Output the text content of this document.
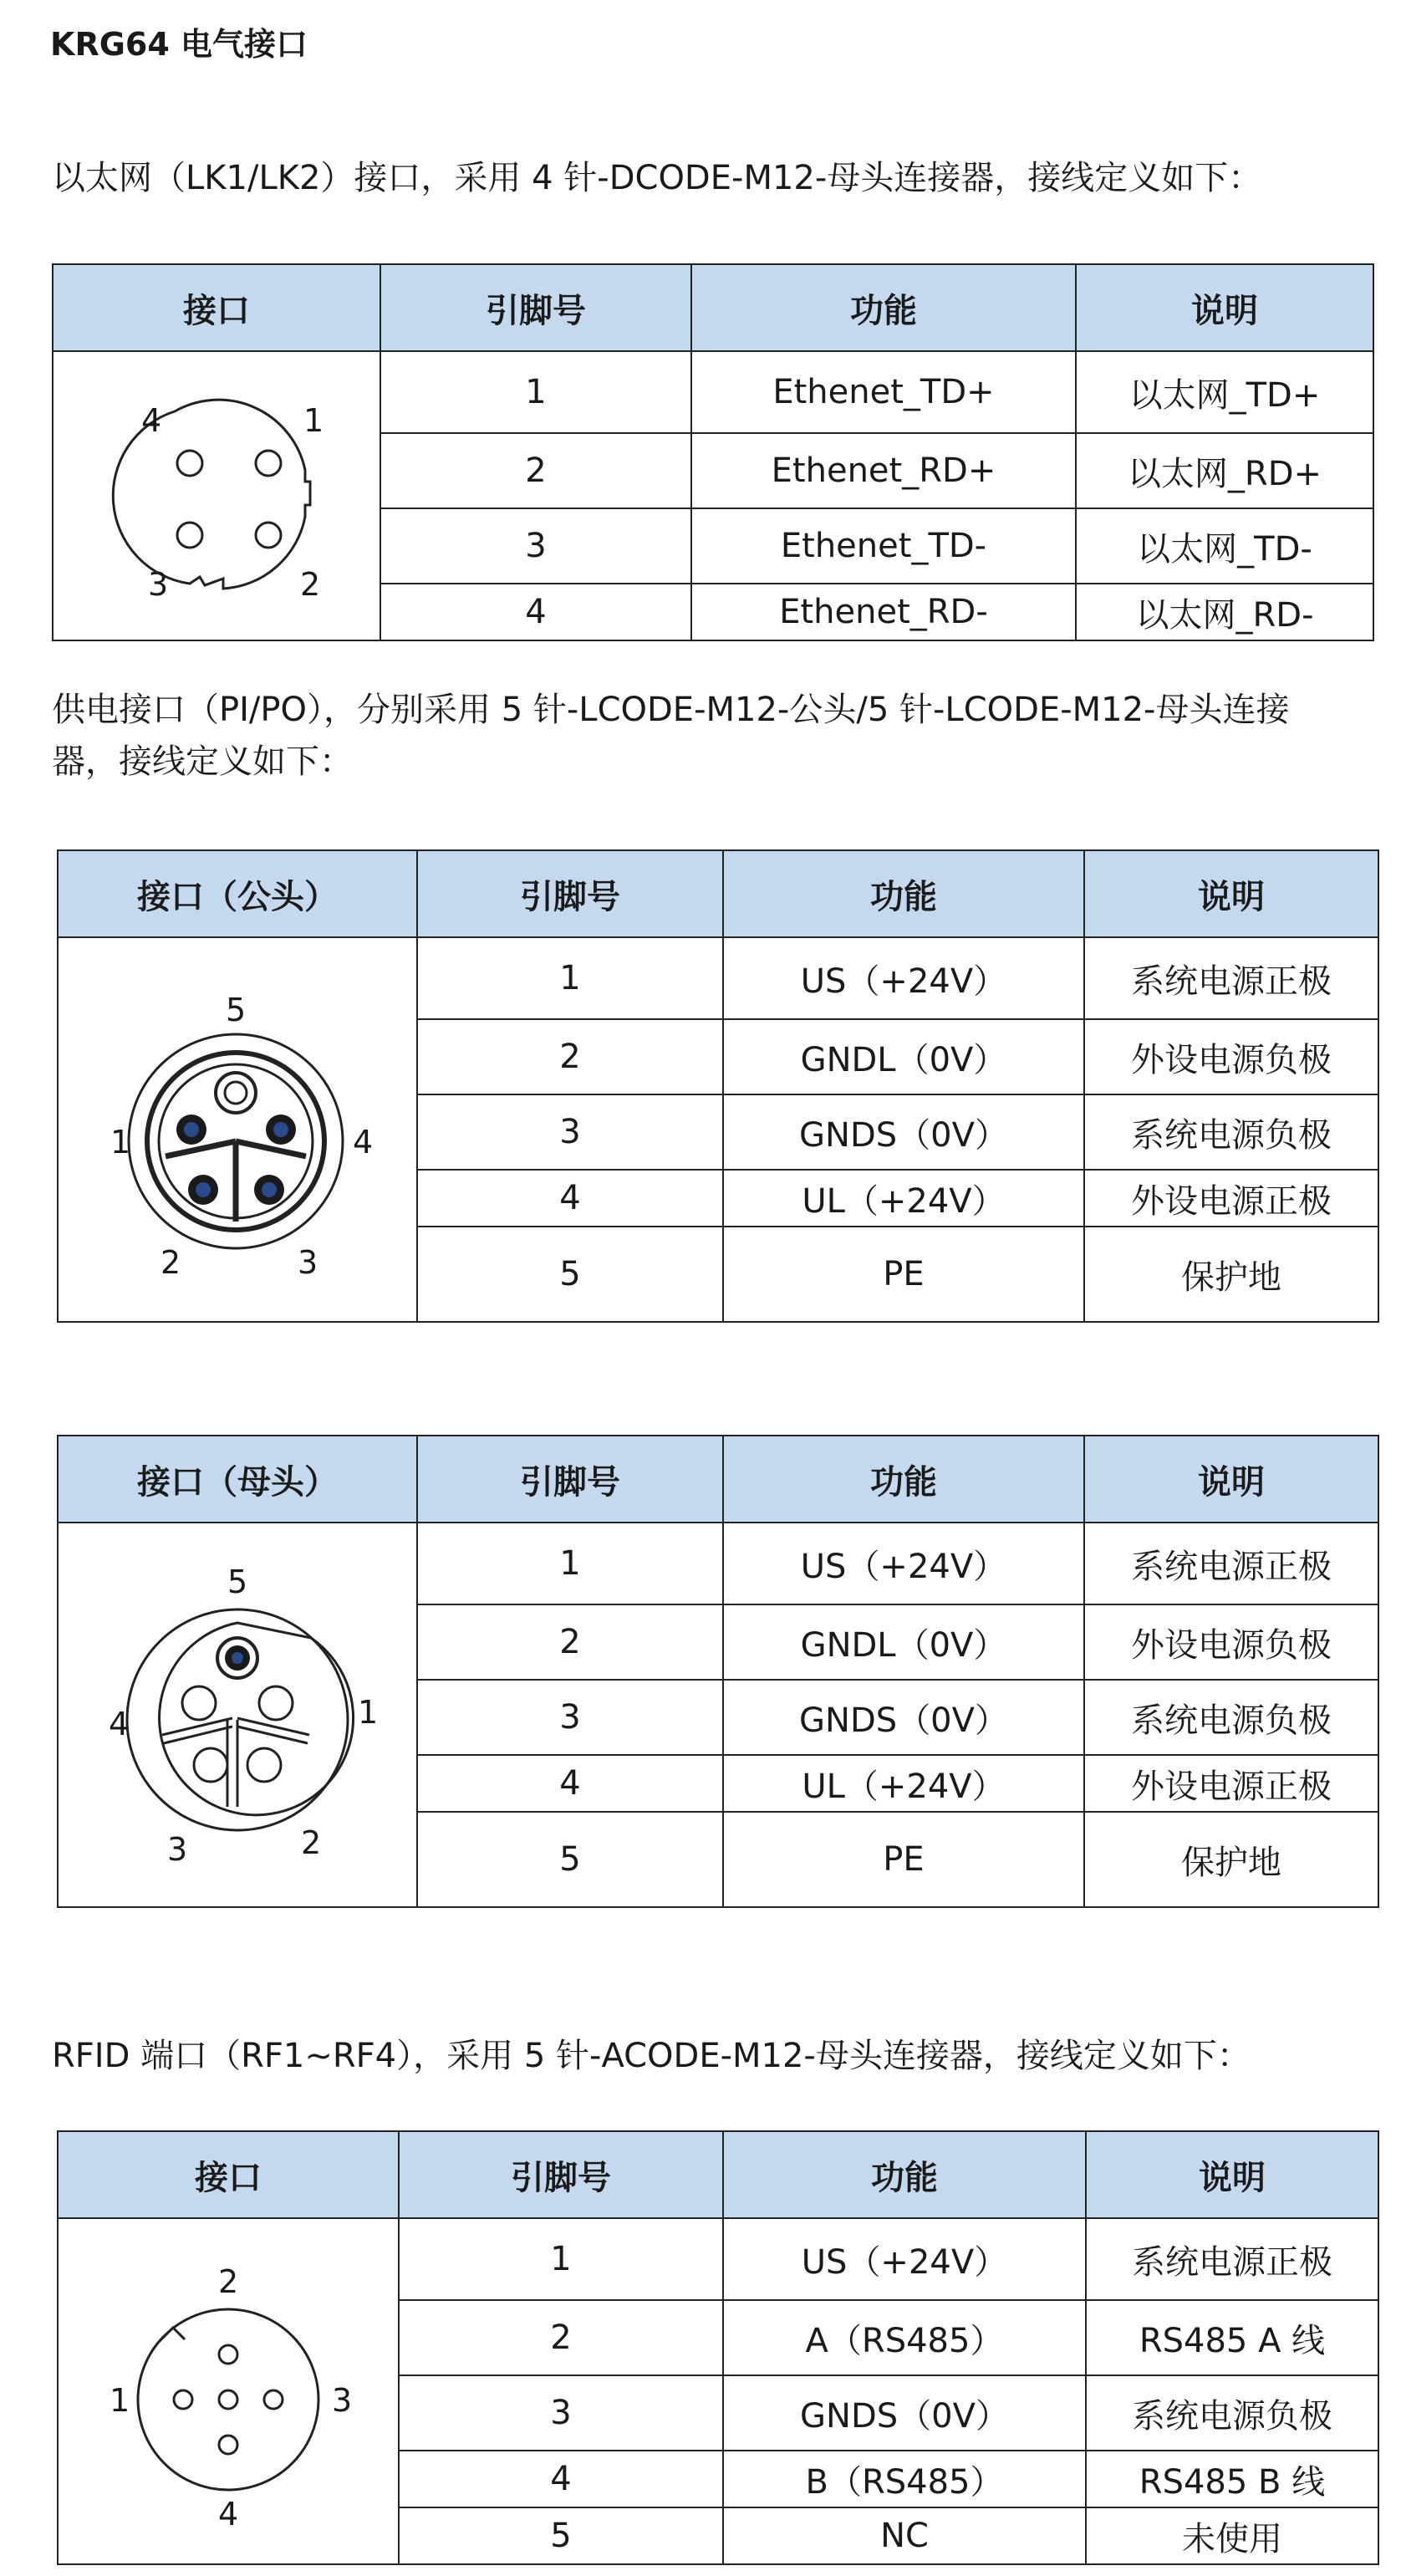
KRG64 电气接口
以太网（LK1/LK2）接口，采用 4 针-DCODE-M12-母头连接器，接线定义如下：
接口	引脚号	功能	说明

4 1
3 2	1	Ethenet_TD+	以太网_TD+
	2	Ethenet_RD+	以太网_RD+
	3	Ethenet_TD-	以太网_TD-
	4	Ethenet_RD-	以太网_RD-
供电接口（PI/PO），分别采用 5 针-LCODE-M12-公头/5 针-LCODE-M12-母头连接
器，接线定义如下：
接口（公头）	引脚号	功能	说明

5
1 4
2 3	1	US（+24V）	系统电源正极
	2	GNDL（0V）	外设电源负极
	3	GNDS（0V）	系统电源负极
	4	UL（+24V）	外设电源正极
	5	PE	保护地
接口（母头）	引脚号	功能	说明

5
4 1
3 2	1	US（+24V）	系统电源正极
	2	GNDL（0V）	外设电源负极
	3	GNDS（0V）	系统电源负极
	4	UL（+24V）	外设电源正极
	5	PE	保护地
RFID 端口（RF1~RF4），采用 5 针-ACODE-M12-母头连接器，接线定义如下：
接口	引脚号	功能	说明

2
1 3
4	1	US（+24V）	系统电源正极
	2	A（RS485）	RS485 A 线
	3	GNDS（0V）	系统电源负极
	4	B（RS485）	RS485 B 线
	5	NC	未使用
